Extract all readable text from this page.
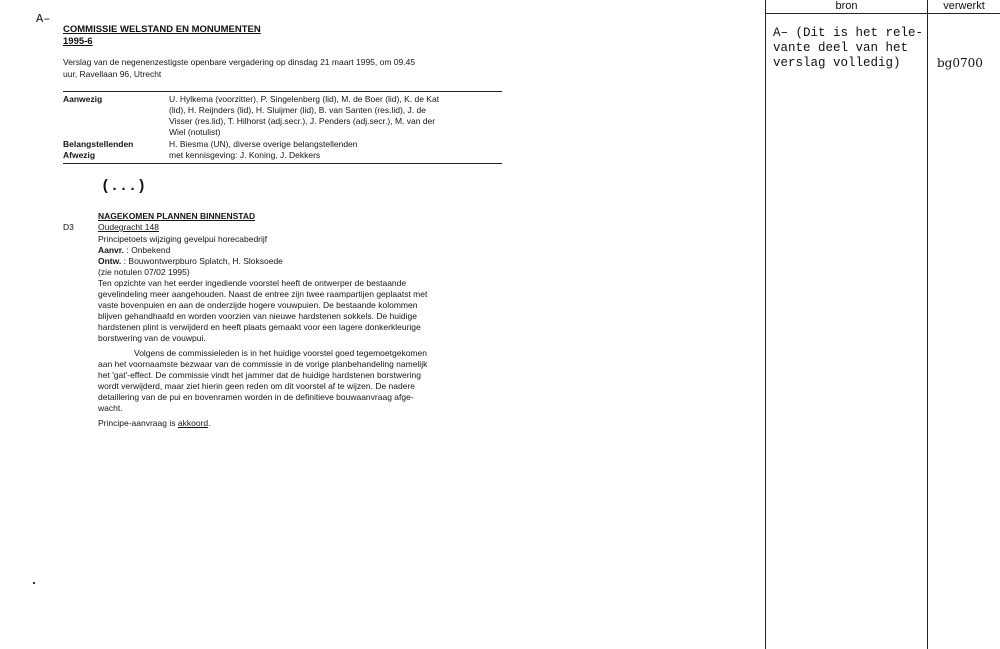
A–
COMMISSIE WELSTAND EN MONUMENTEN
1995-6
Verslag van de negenenzestigste openbare vergadering op dinsdag 21 maart 1995, om 09.45
uur, Ravellaan 96, Utrecht
Aanwezig	U. Hylkema (voorzitter), P. Singelenberg (lid), M. de Boer (lid), K. de Kat
(lid), H. Reijnders (lid), H. Sluijmer (lid), B. van Santen (res.lid), J. de
Visser (res.lid), T. Hilhorst (adj.secr.), J. Penders (adj.secr.), M. van der
Wiel (notulist)
Belangstellenden	H. Biesma (UN), diverse overige belangstellenden
Afwezig	met kennisgeving: J. Koning, J. Dekkers
(...)
NAGEKOMEN PLANNEN BINNENSTAD
D3	Oudegracht 148
Principetoets wijziging gevelpui horecabedrijf
Aanvr. : Onbekend
Ontw. : Bouwontwerpburo Splatch, H. Sloksoede
(zie notulen 07/02 1995)
Ten opzichte van het eerder ingediende voorstel heeft de ontwerper de bestaande
gevelindeling meer aangehouden. Naast de entree zijn twee raampartijen geplaatst met
vaste bovenpuien en aan de onderzijde hogere vouwpuien. De bestaande kolommen
blijven gehandhaafd en worden voorzien van nieuwe hardstenen sokkels. De huidige
hardstenen plint is verwijderd en heeft plaats gemaakt voor een lagere donkerkleurige
borstwering van de vouwpui.
Volgens de commissieleden is in het huidige voorstel goed tegemoetgekomen
aan het voornaamste bezwaar van de commissie in de vorige planbehandeling namelijk
het 'gat'-effect. De commissie vindt het jammer dat de huidige hardstenen borstwering
wordt verwijderd, maar ziet hierin geen reden om dit voorstel af te wijzen. De nadere
detaillering van de pui en bovenramen worden in de definitieve bouwaanvraag afge-
wacht.
Principe-aanvraag is akkoord.
bron	verwerkt
A– (Dit is het rele-
vante deel van het
verslag volledig)	bg0700
